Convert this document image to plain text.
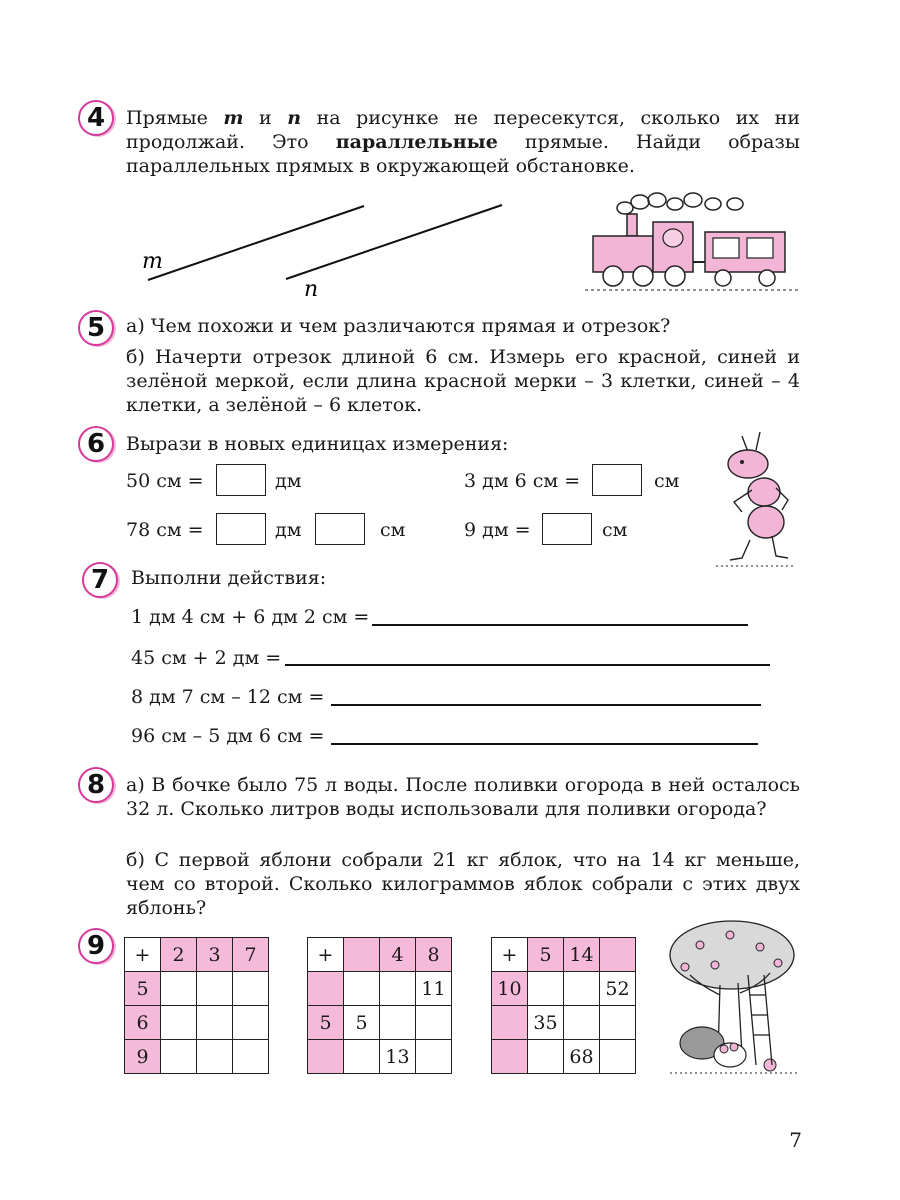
4 Прямые m и n на рисунке не пересекутся, сколько их ни продолжай. Это параллельные прямые. Найди образы параллельных прямых в окружающей обстановке.
m
n
5 а) Чем похожи и чем различаются прямая и отрезок?
б) Начерти отрезок длиной 6 см. Измерь его красной, синей и зелёной меркой, если длина красной мерки – 3 клетки, синей – 4 клетки, а зелёной – 6 клеток.
6 Вырази в новых единицах измерения:
50 см =	дм	3 дм 6 см =	см
78 см =	дм	см	9 дм =	см
7 Выполни действия:
1 дм 4 см + 6 дм 2 см =
45 см + 2 дм =
8 дм 7 см – 12 см =
96 см – 5 дм 6 см =
8 а) В бочке было 75 л воды. После поливки огорода в ней осталось 32 л. Сколько литров воды использовали для поливки огорода?
б) С первой яблони собрали 21 кг яблок, что на 14 кг меньше, чем со второй. Сколько килограммов яблок собрали с этих двух яблонь?
9 +	2	3	7
5			
6			
9			
+		4	8
			11
5	5		
		13	
+	5	14	
10			52
	35		
		68	
7
